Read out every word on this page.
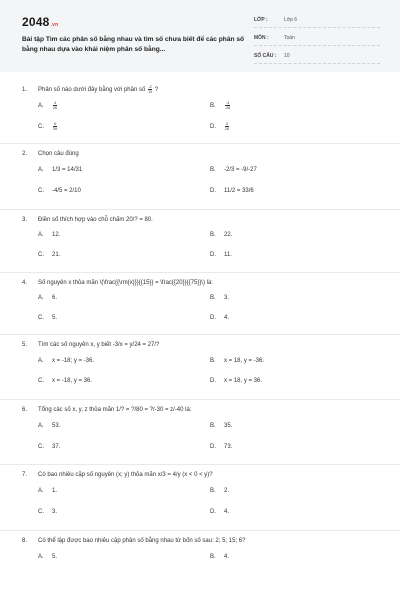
2048.vn
Bài tập Tìm các phân số bằng nhau và tìm số chưa biết để các phân số bằng nhau dựa vào khái niệm phân số bằng...
LỚP :	Lớp 6
MÔN :	Toán
SỐ CÂU : 10
1. Phân số nào dưới đây bằng với phân số $\frac{-2}{13}$ ?
A.	$\frac{4}{26}$	B.	$\frac{-4}{-26}$
C.	$\frac{6}{39}$	D.	$\frac{4}{26}$
2. Chọn câu đúng
A. 1/3 = 14/31	B. -2/3 = -9/-27
C. -4/5 = 2/10	D. 11/2 = 33/6
3. Điền số thích hợp vào chỗ chấm 20/? = 80.
A. 12.	B. 22.
C. 21.	D. 11.
4. Số nguyên x thỏa mãn \(\frac{{\rm{x}}}{{15}} = \frac{{20}}{{75}}\) là:
A. 6.	B. 3.
C. 5.	D. 4.
5. Tìm các số nguyên x, y biết -3/x = y/24 = 27/?
A. x = -18; y = -36.	B. x = 18, y = -36.
C. x = -18, y = 36.	D. x = 18, y = 36.
6. Tổng các số x, y, z thỏa mãn 1/? = ?/80 = ?/-30 = z/-40 là:
A. 53.	B. 35.
C. 37.	D. 73.
7. Có bao nhiêu cặp số nguyên (x; y) thỏa mãn x/3 = 4/y (x < 0 < y)?
A. 1.	B. 2.
C. 3.	D. 4.
8. Có thể lập được bao nhiêu cặp phân số bằng nhau từ bốn số sau: 2; 5; 15; 6?
A. 5.	B. 4.
